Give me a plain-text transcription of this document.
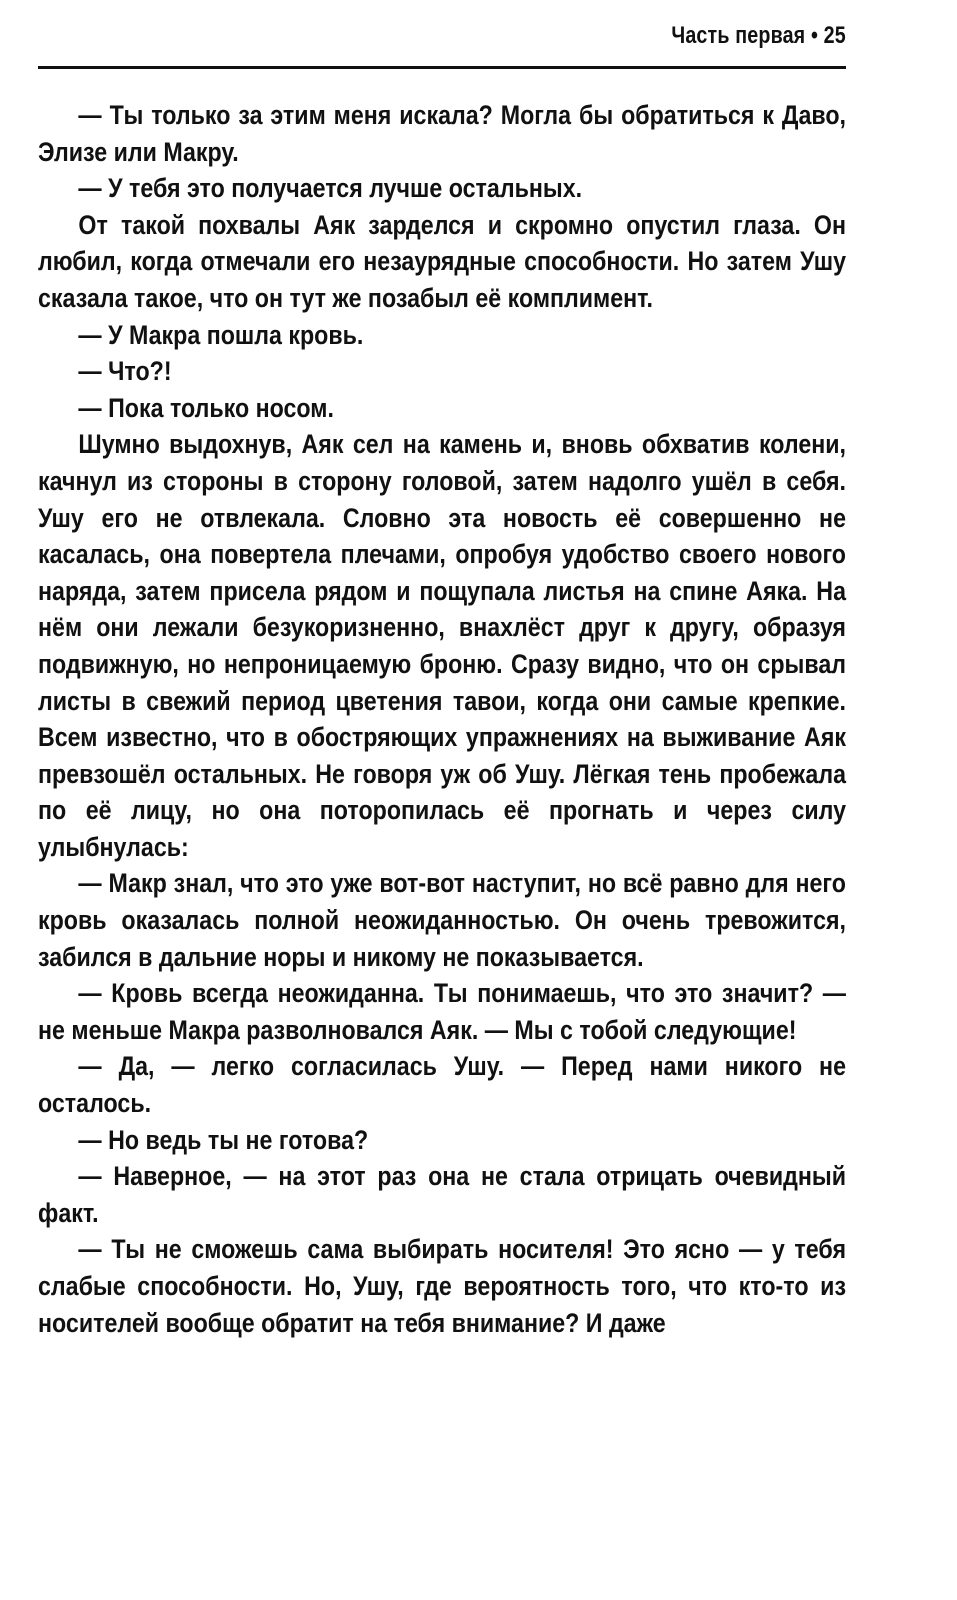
Часть первая • 25

— Ты только за этим меня искала? Могла бы обратиться к Даво, Элизе или Макру.

— У тебя это получается лучше остальных.

От такой похвалы Аяк зарделся и скромно опустил глаза. Он любил, когда отмечали его незаурядные способности. Но затем Ушу сказала такое, что он тут же позабыл её комплимент.

— У Макра пошла кровь.

— Что?!

— Пока только носом.

Шумно выдохнув, Аяк сел на камень и, вновь обхватив колени, качнул из стороны в сторону головой, затем надолго ушёл в себя. Ушу его не отвлекала. Словно эта новость её совершенно не касалась, она повертела плечами, опробуя удобство своего нового наряда, затем присела рядом и пощупала листья на спине Аяка. На нём они лежали безукоризненно, внахлёст друг к другу, образуя подвижную, но непроницаемую броню. Сразу видно, что он срывал листы в свежий период цветения тавои, когда они самые крепкие. Всем известно, что в обостряющих упражнениях на выживание Аяк превзошёл остальных. Не говоря уж об Ушу. Лёгкая тень пробежала по её лицу, но она поторопилась её прогнать и через силу улыбнулась:

— Макр знал, что это уже вот-вот наступит, но всё равно для него кровь оказалась полной неожиданностью. Он очень тревожится, забился в дальние норы и никому не показывается.

— Кровь всегда неожиданна. Ты понимаешь, что это значит? — не меньше Макра разволновался Аяк. — Мы с тобой следующие!

— Да, — легко согласилась Ушу. — Перед нами никого не осталось.

— Но ведь ты не готова?

— Наверное, — на этот раз она не стала отрицать очевидный факт.

— Ты не сможешь сама выбирать носителя! Это ясно — у тебя слабые способности. Но, Ушу, где вероятность того, что кто-то из носителей вообще обратит на тебя внимание? И даже
